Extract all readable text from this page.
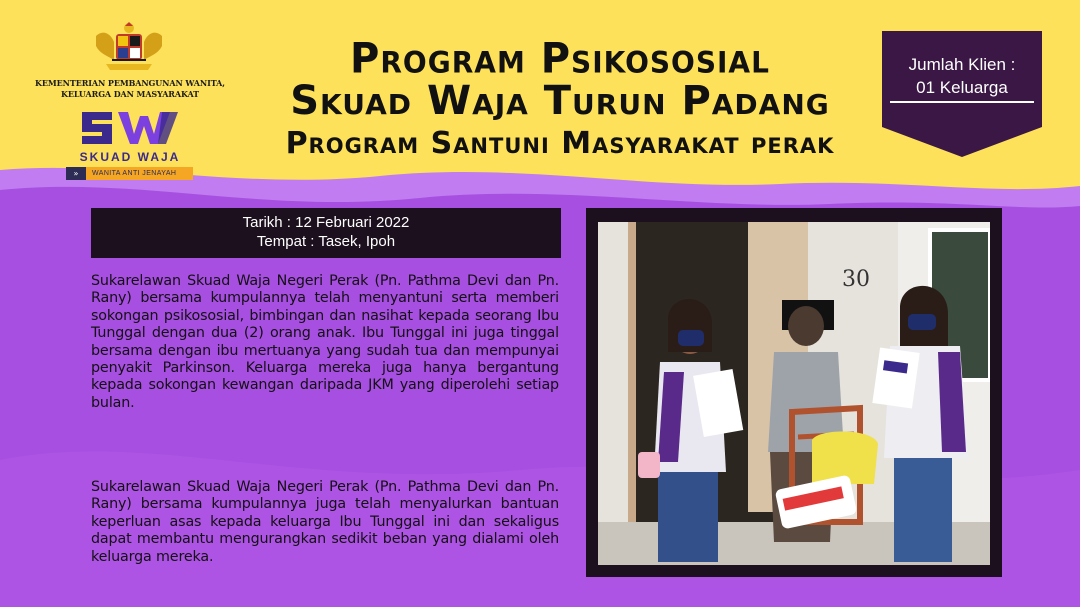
KEMENTERIAN PEMBANGUNAN WANITA,
KELUARGA DAN MASYARAKAT
SKUAD WAJA
»	WANITA ANTI JENAYAH
Program Psikososial
Skuad Waja Turun Padang
Program Santuni Masyarakat perak
Jumlah Klien :
01 Keluarga
Tarikh : 12 Februari 2022
Tempat : Tasek, Ipoh

Sukarelawan Skuad Waja Negeri Perak (Pn. Pathma Devi dan Pn. Rany) bersama kumpulannya telah menyantuni serta memberi sokongan psikososial, bimbingan dan nasihat kepada seorang Ibu Tunggal dengan dua (2) orang anak. Ibu Tunggal ini juga tinggal bersama dengan ibu mertuanya yang sudah tua dan mempunyai penyakit Parkinson. Keluarga mereka juga hanya bergantung kepada sokongan kewangan daripada JKM yang diperolehi setiap bulan.

Sukarelawan Skuad Waja Negeri Perak (Pn. Pathma Devi dan Pn. Rany) bersama kumpulannya juga telah menyalurkan bantuan keperluan asas kepada keluarga Ibu Tunggal ini dan sekaligus dapat membantu mengurangkan sedikit beban yang dialami oleh keluarga mereka.

30
